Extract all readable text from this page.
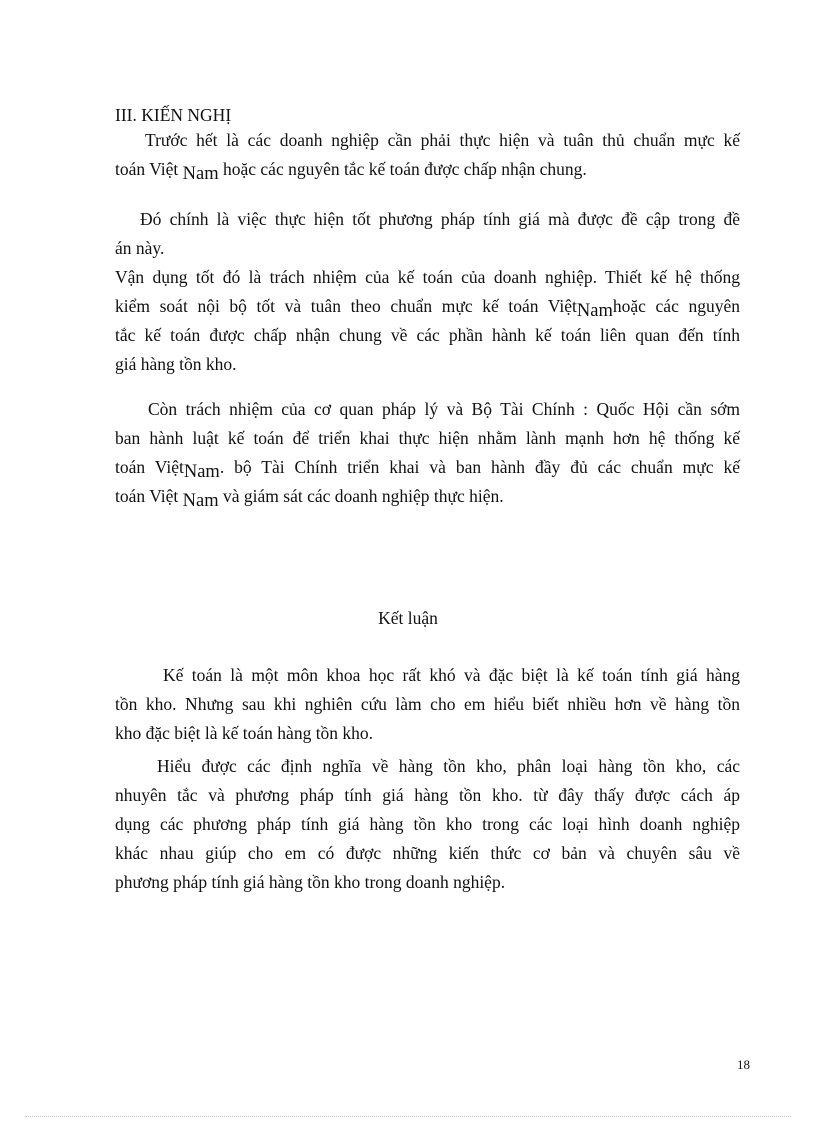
III. KIẾN NGHỊ
Trước hết là các doanh nghiệp cần phải thực hiện và tuân thủ chuẩn mực kế
toán Việt Nam hoặc các nguyên tắc kế toán được chấp nhận chung.
Đó chính là việc thực hiện tốt phương pháp tính giá mà được đề cập trong đề
án này.
Vận dụng tốt đó là trách nhiệm của kế toán của doanh nghiệp. Thiết kế hệ thống
kiểm soát nội bộ tốt và tuân theo chuẩn mực kế toán ViệtNamhoặc các nguyên
tắc kế toán được chấp nhận chung về các phần hành kế toán liên quan đến tính
giá hàng tồn kho.
Còn trách nhiệm của cơ quan pháp lý và Bộ Tài Chính : Quốc Hội cần sớm
ban hành luật kế toán để triển khai thực hiện nhằm lành mạnh hơn hệ thống kế
toán ViệtNam. bộ Tài Chính triển khai và ban hành đầy đủ các chuẩn mực kế
toán Việt Nam và giám sát các doanh nghiệp thực hiện.
Kết luận
Kế toán là một môn khoa học rất khó và đặc biệt là kế toán tính giá hàng
tồn kho. Nhưng sau khi nghiên cứu làm cho em hiểu biết nhiều hơn về hàng tồn
kho đặc biệt là kế toán hàng tồn kho.
Hiểu được các định nghĩa về hàng tồn kho, phân loại hàng tồn kho, các
nhuyên tắc và phương pháp tính giá hàng tồn kho. từ đây thấy được cách áp
dụng các phương pháp tính giá hàng tồn kho trong các loại hình doanh nghiệp
khác nhau giúp cho em có được những kiến thức cơ bản và chuyên sâu về
phương pháp tính giá hàng tồn kho trong doanh nghiệp.
18
